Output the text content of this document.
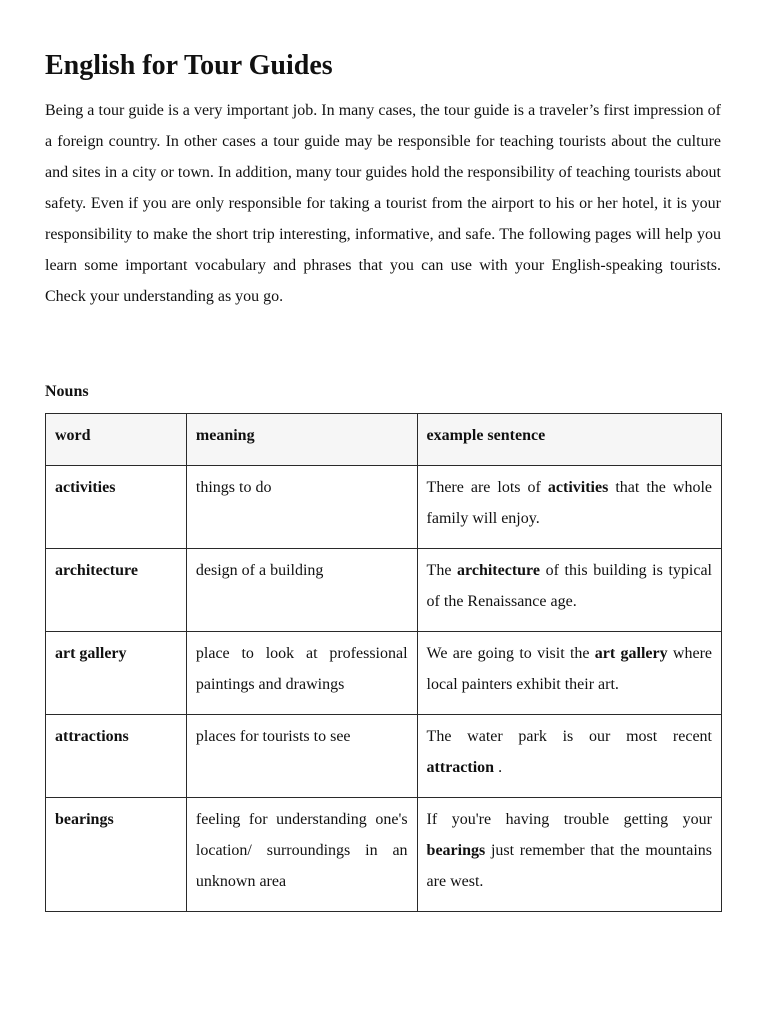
English for Tour Guides

Being a tour guide is a very important job. In many cases, the tour guide is a traveler’s first impression of a foreign country. In other cases a tour guide may be responsible for teaching tourists about the culture and sites in a city or town. In addition, many tour guides hold the responsibility of teaching tourists about safety. Even if you are only responsible for taking a tourist from the airport to his or her hotel, it is your responsibility to make the short trip interesting, informative, and safe. The following pages will help you learn some important vocabulary and phrases that you can use with your English-speaking tourists. Check your understanding as you go.

Nouns
word	meaning	example sentence
activities	things to do	There are lots of activities that the whole family will enjoy.
architecture	design of a building	The architecture of this building is typical of the Renaissance age.
art gallery	place to look at professional paintings and drawings	We are going to visit the art gallery where local painters exhibit their art.
attractions	places for tourists to see	The water park is our most recent attraction .
bearings	feeling for understanding one's location/ surroundings in an unknown area	If you're having trouble getting your bearings just remember that the mountains are west.
